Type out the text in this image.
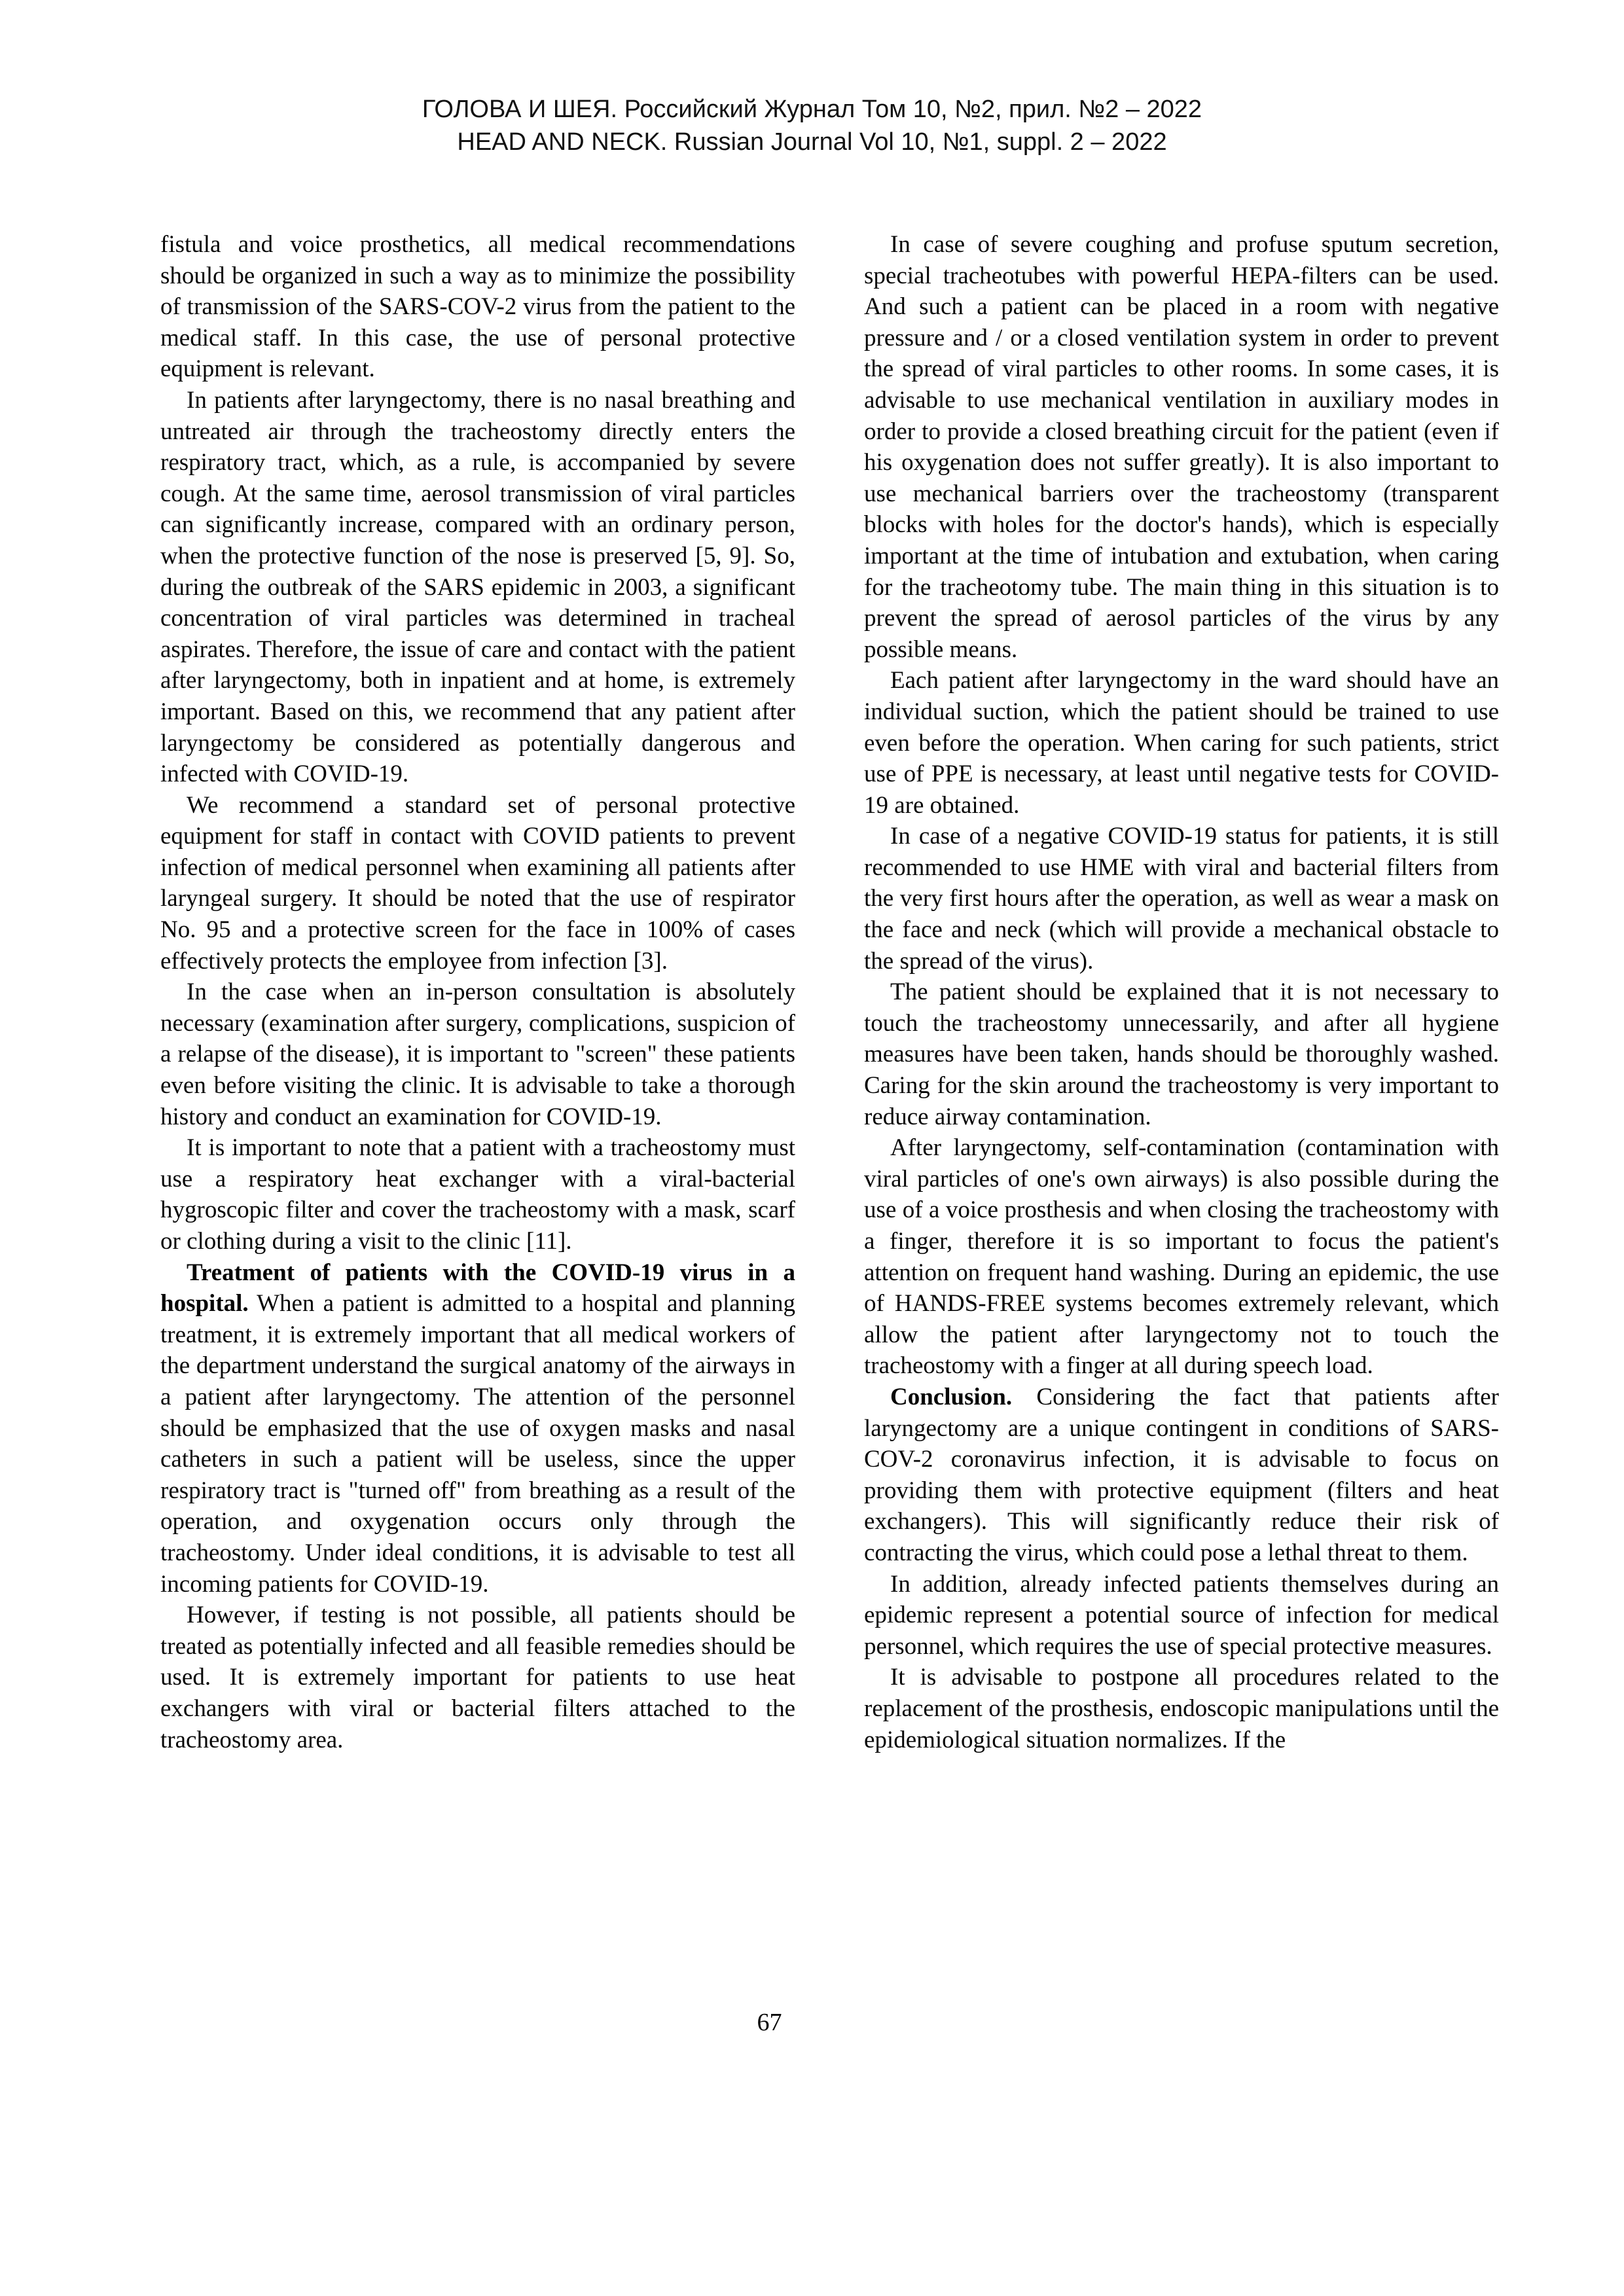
ГОЛОВА И ШЕЯ. Российский Журнал Том 10, №2, прил. №2 – 2022
HEAD AND NECK. Russian Journal Vol 10, №1, suppl. 2 – 2022

fistula and voice prosthetics, all medical recommendations should be organized in such a way as to minimize the possibility of transmission of the SARS-COV-2 virus from the patient to the medical staff. In this case, the use of personal protective equipment is relevant.

In patients after laryngectomy, there is no nasal breathing and untreated air through the tracheostomy directly enters the respiratory tract, which, as a rule, is accompanied by severe cough. At the same time, aerosol transmission of viral particles can significantly increase, compared with an ordinary person, when the protective function of the nose is preserved [5, 9]. So, during the outbreak of the SARS epidemic in 2003, a significant concentration of viral particles was determined in tracheal aspirates. Therefore, the issue of care and contact with the patient after laryngectomy, both in inpatient and at home, is extremely important. Based on this, we recommend that any patient after laryngectomy be considered as potentially dangerous and infected with COVID-19.

We recommend a standard set of personal protective equipment for staff in contact with COVID patients to prevent infection of medical personnel when examining all patients after laryngeal surgery. It should be noted that the use of respirator No. 95 and a protective screen for the face in 100% of cases effectively protects the employee from infection [3].

In the case when an in-person consultation is absolutely necessary (examination after surgery, complications, suspicion of a relapse of the disease), it is important to "screen" these patients even before visiting the clinic. It is advisable to take a thorough history and conduct an examination for COVID-19.

It is important to note that a patient with a tracheostomy must use a respiratory heat exchanger with a viral-bacterial hygroscopic filter and cover the tracheostomy with a mask, scarf or clothing during a visit to the clinic [11].

Treatment of patients with the COVID-19 virus in a hospital. When a patient is admitted to a hospital and planning treatment, it is extremely important that all medical workers of the department understand the surgical anatomy of the airways in a patient after laryngectomy. The attention of the personnel should be emphasized that the use of oxygen masks and nasal catheters in such a patient will be useless, since the upper respiratory tract is "turned off" from breathing as a result of the operation, and oxygenation occurs only through the tracheostomy. Under ideal conditions, it is advisable to test all incoming patients for COVID-19.

However, if testing is not possible, all patients should be treated as potentially infected and all feasible remedies should be used. It is extremely important for patients to use heat exchangers with viral or bacterial filters attached to the tracheostomy area.

In case of severe coughing and profuse sputum secretion, special tracheotubes with powerful HEPA-filters can be used. And such a patient can be placed in a room with negative pressure and / or a closed ventilation system in order to prevent the spread of viral particles to other rooms. In some cases, it is advisable to use mechanical ventilation in auxiliary modes in order to provide a closed breathing circuit for the patient (even if his oxygenation does not suffer greatly). It is also important to use mechanical barriers over the tracheostomy (transparent blocks with holes for the doctor's hands), which is especially important at the time of intubation and extubation, when caring for the tracheotomy tube. The main thing in this situation is to prevent the spread of aerosol particles of the virus by any possible means.

Each patient after laryngectomy in the ward should have an individual suction, which the patient should be trained to use even before the operation. When caring for such patients, strict use of PPE is necessary, at least until negative tests for COVID-19 are obtained.

In case of a negative COVID-19 status for patients, it is still recommended to use HME with viral and bacterial filters from the very first hours after the operation, as well as wear a mask on the face and neck (which will provide a mechanical obstacle to the spread of the virus).

The patient should be explained that it is not necessary to touch the tracheostomy unnecessarily, and after all hygiene measures have been taken, hands should be thoroughly washed. Caring for the skin around the tracheostomy is very important to reduce airway contamination.

After laryngectomy, self-contamination (contamination with viral particles of one's own airways) is also possible during the use of a voice prosthesis and when closing the tracheostomy with a finger, therefore it is so important to focus the patient's attention on frequent hand washing. During an epidemic, the use of HANDS-FREE systems becomes extremely relevant, which allow the patient after laryngectomy not to touch the tracheostomy with a finger at all during speech load.

Conclusion. Considering the fact that patients after laryngectomy are a unique contingent in conditions of SARS-COV-2 coronavirus infection, it is advisable to focus on providing them with protective equipment (filters and heat exchangers). This will significantly reduce their risk of contracting the virus, which could pose a lethal threat to them.

In addition, already infected patients themselves during an epidemic represent a potential source of infection for medical personnel, which requires the use of special protective measures.

It is advisable to postpone all procedures related to the replacement of the prosthesis, endoscopic manipulations until the epidemiological situation normalizes. If the

67
